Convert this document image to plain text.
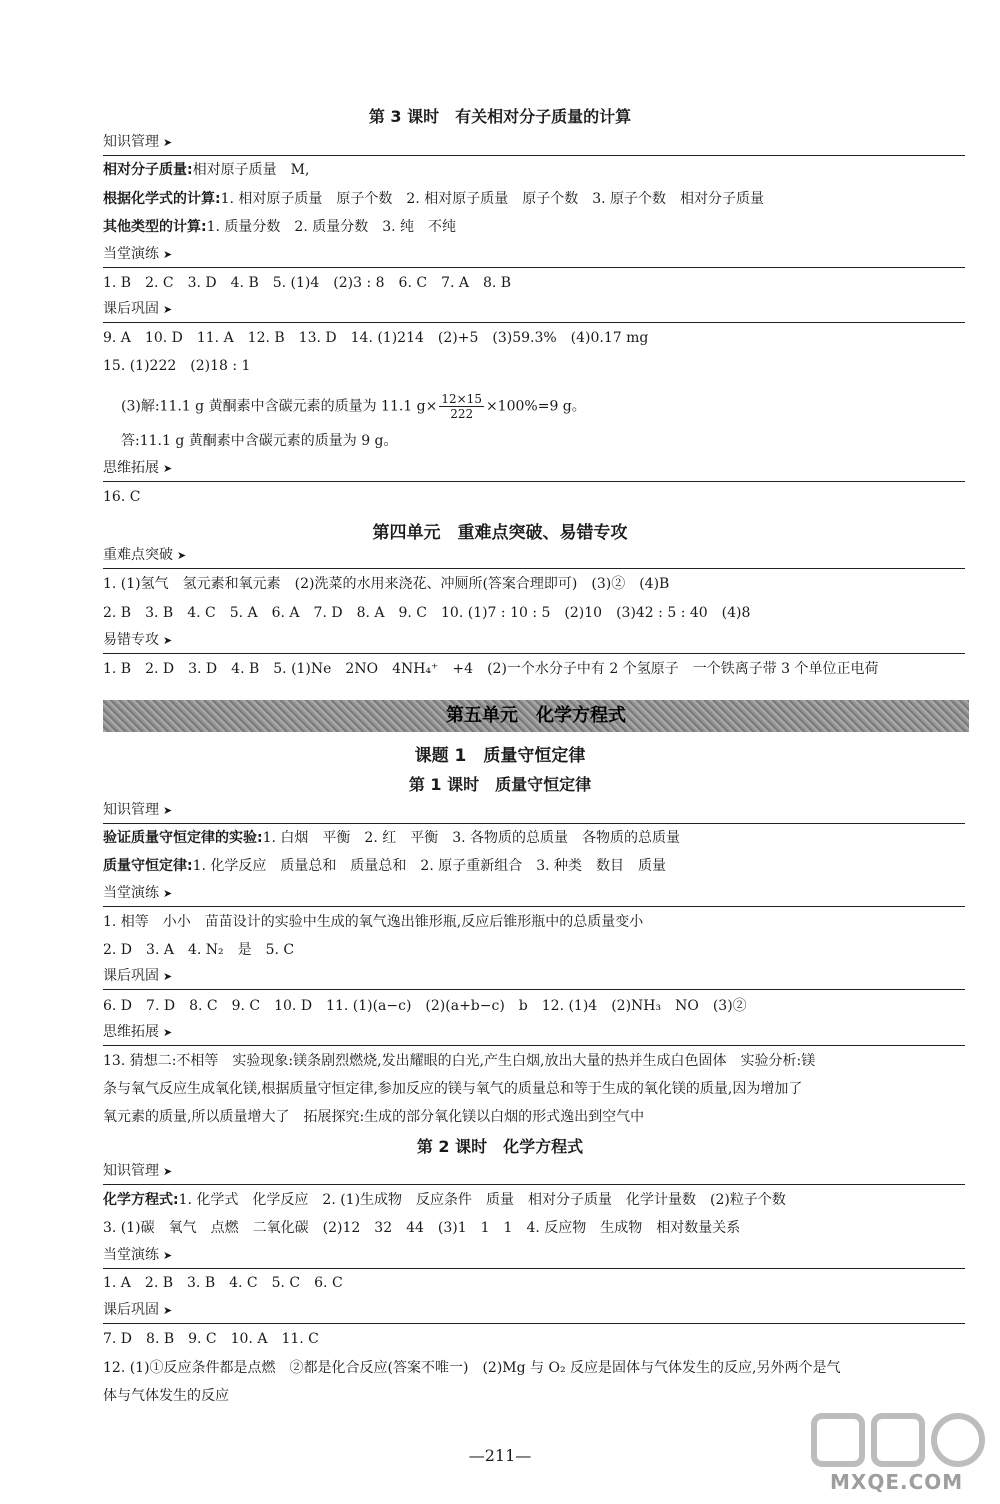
第 3 课时　有关相对分子质量的计算
知识管理 ➤
相对分子质量:相对原子质量　M,
根据化学式的计算:1. 相对原子质量　原子个数　2. 相对原子质量　原子个数　3. 原子个数　相对分子质量
其他类型的计算:1. 质量分数　2. 质量分数　3. 纯　不纯
当堂演练 ➤
1. B　2. C　3. D　4. B　5. (1)4　(2)3 : 8　6. C　7. A　8. B
课后巩固 ➤
9. A　10. D　11. A　12. B　13. D　14. (1)214　(2)+5　(3)59.3%　(4)0.17 mg
15. (1)222　(2)18 : 1
(3)解:11.1 g 黄酮素中含碳元素的质量为 11.1 $g\times \frac{12\times 15}{222} \times 100\%=9$ g。
答:11.1 g 黄酮素中含碳元素的质量为 9 g。
思维拓展 ➤
16. C
第四单元　重难点突破、易错专攻
重难点突破 ➤
1. (1)氢气　氢元素和氧元素　(2)洗菜的水用来浇花、冲厕所(答案合理即可)　(3)②　(4)B
2. B　3. B　4. C　5. A　6. A　7. D　8. A　9. C　10. (1)7 : 10 : 5　(2)10　(3)42 : 5 : 40　(4)8
易错专攻 ➤
1. B　2. D　3. D　4. B　5. (1)Ne　2NO　4NH₄⁺　+4　(2)一个水分子中有 2 个氢原子　一个铁离子带 3 个单位正电荷
第五单元　化学方程式
课题 1　质量守恒定律
第 1 课时　质量守恒定律
知识管理 ➤
验证质量守恒定律的实验:1. 白烟　平衡　2. 红　平衡　3. 各物质的总质量　各物质的总质量
质量守恒定律:1. 化学反应　质量总和　质量总和　2. 原子重新组合　3. 种类　数目　质量
当堂演练 ➤
1. 相等　小小　苗苗设计的实验中生成的氧气逸出锥形瓶,反应后锥形瓶中的总质量变小
2. D　3. A　4. N₂　是　5. C
课后巩固 ➤
6. D　7. D　8. C　9. C　10. D　11. (1)(a−c)　(2)(a+b−c)　b　12. (1)4　(2)NH₃　NO　(3)②
思维拓展 ➤
13. 猜想二:不相等　实验现象:镁条剧烈燃烧,发出耀眼的白光,产生白烟,放出大量的热并生成白色固体　实验分析:镁
条与氧气反应生成氧化镁,根据质量守恒定律,参加反应的镁与氧气的质量总和等于生成的氧化镁的质量,因为增加了
氧元素的质量,所以质量增大了　拓展探究:生成的部分氧化镁以白烟的形式逸出到空气中
第 2 课时　化学方程式
知识管理 ➤
化学方程式:1. 化学式　化学反应　2. (1)生成物　反应条件　质量　相对分子质量　化学计量数　(2)粒子个数
3. (1)碳　氧气　点燃　二氧化碳　(2)12　32　44　(3)1　1　1　4. 反应物　生成物　相对数量关系
当堂演练 ➤
1. A　2. B　3. B　4. C　5. C　6. C
课后巩固 ➤
7. D　8. B　9. C　10. A　11. C
12. (1)①反应条件都是点燃　②都是化合反应(答案不唯一)　(2)Mg 与 O₂ 反应是固体与气体发生的反应,另外两个是气
体与气体发生的反应
—211—
MXQE.COM
